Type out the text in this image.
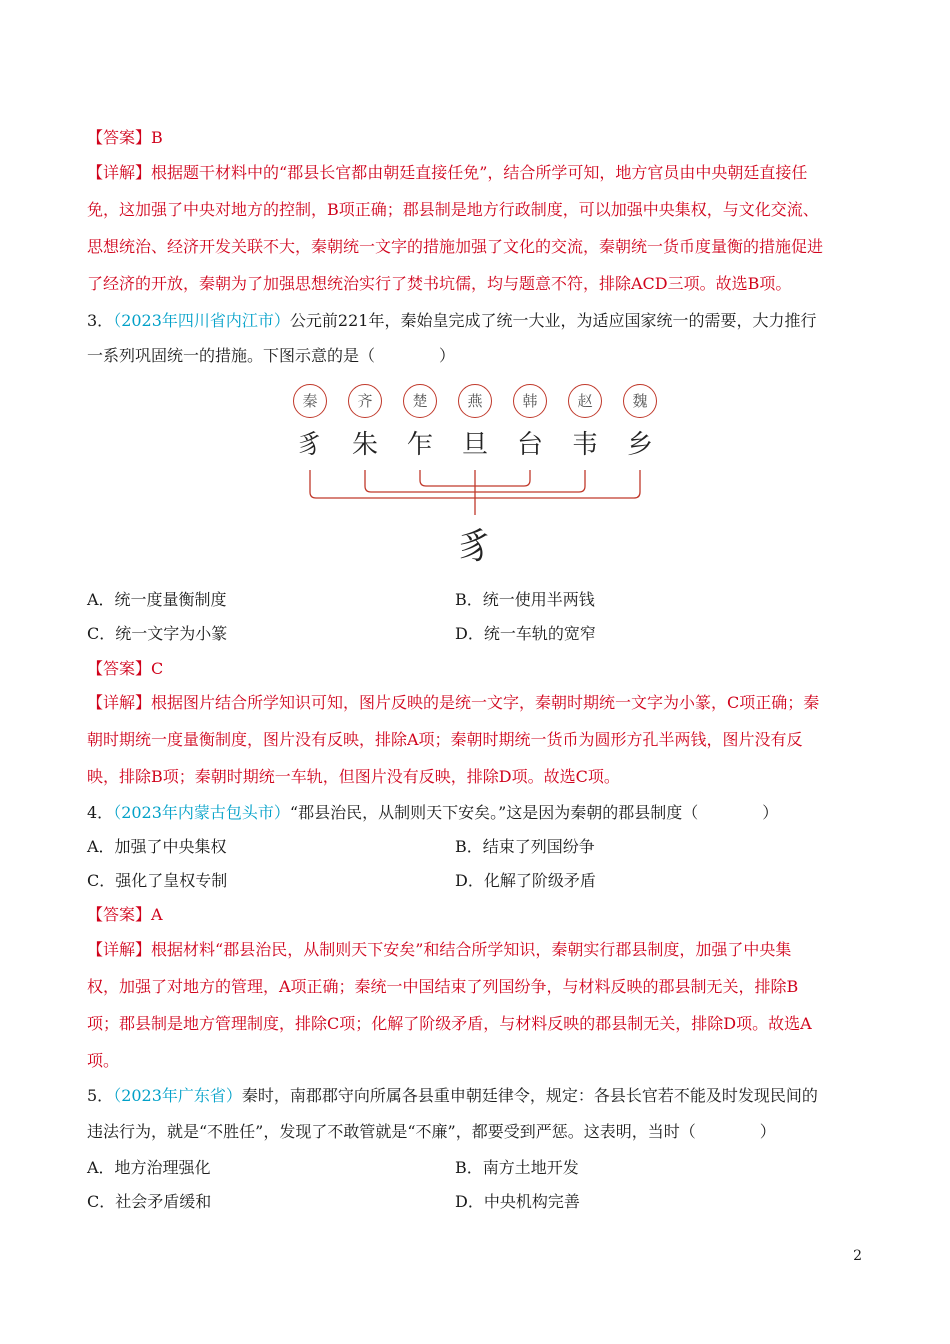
【答案】B
【详解】根据题干材料中的“郡县长官都由朝廷直接任免”，结合所学可知，地方官员由中央朝廷直接任
免，这加强了中央对地方的控制，B项正确；郡县制是地方行政制度，可以加强中央集权，与文化交流、
思想统治、经济开发关联不大，秦朝统一文字的措施加强了文化的交流，秦朝统一货币度量衡的措施促进
了经济的开放，秦朝为了加强思想统治实行了焚书坑儒，均与题意不符，排除ACD三项。故选B项。
3．（2023年四川省内江市）公元前221年，秦始皇完成了统一大业，为适应国家统一的需要，大力推行
一系列巩固统一的措施。下图示意的是（　　　　）
秦	齐	楚	燕	韩	赵	魏
豸 朱 乍 旦 台 韦 乡
豸
A．统一度量衡制度	B．统一使用半两钱
C．统一文字为小篆	D．统一车轨的宽窄
【答案】C
【详解】根据图片结合所学知识可知，图片反映的是统一文字，秦朝时期统一文字为小篆，C项正确；秦
朝时期统一度量衡制度，图片没有反映，排除A项；秦朝时期统一货币为圆形方孔半两钱，图片没有反
映，排除B项；秦朝时期统一车轨，但图片没有反映，排除D项。故选C项。
4．（2023年内蒙古包头市）“郡县治民，从制则天下安矣。”这是因为秦朝的郡县制度（　　　　）
A．加强了中央集权	B．结束了列国纷争
C．强化了皇权专制	D．化解了阶级矛盾
【答案】A
【详解】根据材料“郡县治民，从制则天下安矣”和结合所学知识，秦朝实行郡县制度，加强了中央集
权，加强了对地方的管理，A项正确；秦统一中国结束了列国纷争，与材料反映的郡县制无关，排除B
项；郡县制是地方管理制度，排除C项；化解了阶级矛盾，与材料反映的郡县制无关，排除D项。故选A
项。
5．（2023年广东省）秦时，南郡郡守向所属各县重申朝廷律令，规定：各县长官若不能及时发现民间的
违法行为，就是“不胜任”，发现了不敢管就是“不廉”，都要受到严惩。这表明，当时（　　　　）
A．地方治理强化	B．南方土地开发
C．社会矛盾缓和	D．中央机构完善
2
